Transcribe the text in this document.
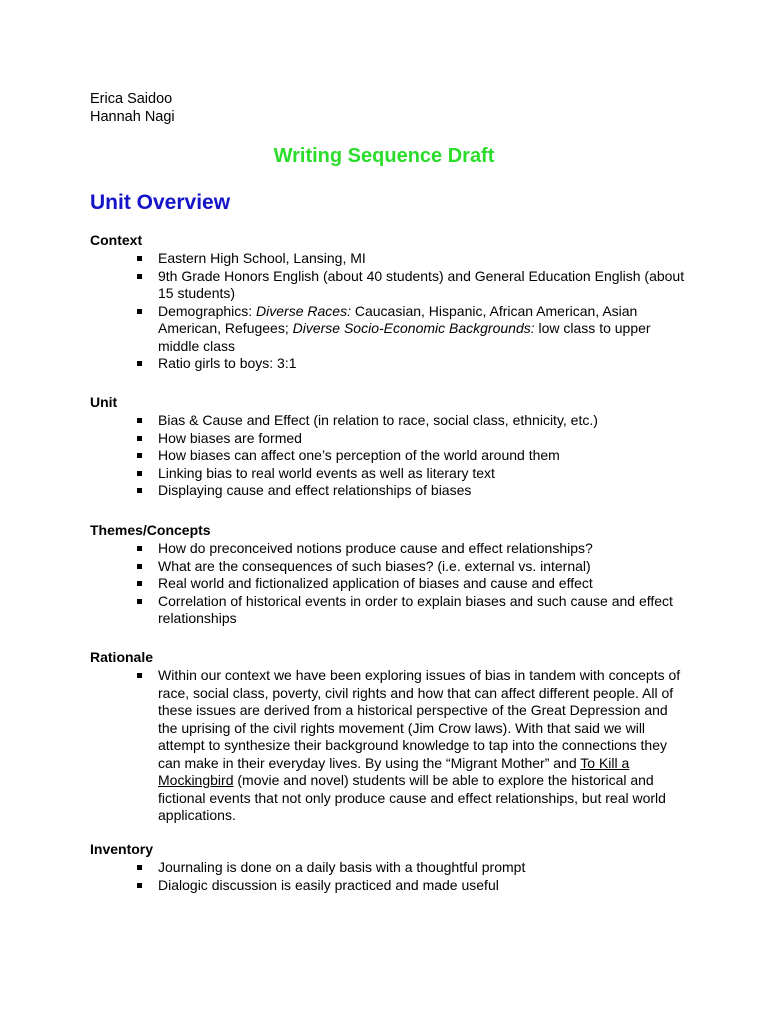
Erica Saidoo
Hannah Nagi
Writing Sequence Draft
Unit Overview
Context
Eastern High School, Lansing, MI
9th Grade Honors English (about 40 students) and General Education English (about 15 students)
Demographics: Diverse Races: Caucasian, Hispanic, African American, Asian American, Refugees; Diverse Socio-Economic Backgrounds: low class to upper middle class
Ratio girls to boys: 3:1
Unit
Bias & Cause and Effect (in relation to race, social class, ethnicity, etc.)
How biases are formed
How biases can affect one’s perception of the world around them
Linking bias to real world events as well as literary text
Displaying cause and effect relationships of biases
Themes/Concepts
How do preconceived notions produce cause and effect relationships?
What are the consequences of such biases? (i.e. external vs. internal)
Real world and fictionalized application of biases and cause and effect
Correlation of historical events in order to explain biases and such cause and effect relationships
Rationale
Within our context we have been exploring issues of bias in tandem with concepts of race, social class, poverty, civil rights and how that can affect different people. All of these issues are derived from a historical perspective of the Great Depression and the uprising of the civil rights movement (Jim Crow laws). With that said we will attempt to synthesize their background knowledge to tap into the connections they can make in their everyday lives. By using the “Migrant Mother” and To Kill a Mockingbird (movie and novel) students will be able to explore the historical and fictional events that not only produce cause and effect relationships, but real world applications.
Inventory
Journaling is done on a daily basis with a thoughtful prompt
Dialogic discussion is easily practiced and made useful
